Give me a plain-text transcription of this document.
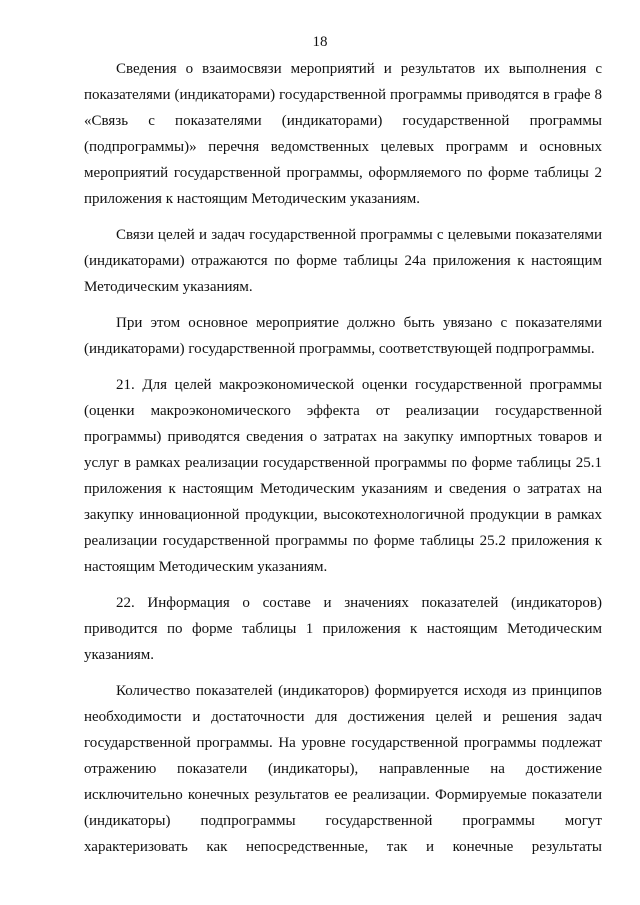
18

Сведения о взаимосвязи мероприятий и результатов их выполнения с показателями (индикаторами) государственной программы приводятся в графе 8 «Связь с показателями (индикаторами) государственной программы (подпрограммы)» перечня ведомственных целевых программ и основных мероприятий государственной программы, оформляемого по форме таблицы 2 приложения к настоящим Методическим указаниям.

Связи целей и задач государственной программы с целевыми показателями (индикаторами) отражаются по форме таблицы 24а приложения к настоящим Методическим указаниям.

При этом основное мероприятие должно быть увязано с показателями (индикаторами) государственной программы, соответствующей подпрограммы.

21. Для целей макроэкономической оценки государственной программы (оценки макроэкономического эффекта от реализации государственной программы) приводятся сведения о затратах на закупку импортных товаров и услуг в рамках реализации государственной программы по форме таблицы 25.1 приложения к настоящим Методическим указаниям и сведения о затратах на закупку инновационной продукции, высокотехнологичной продукции в рамках реализации государственной программы по форме таблицы 25.2 приложения к настоящим Методическим указаниям.

22. Информация о составе и значениях показателей (индикаторов) приводится по форме таблицы 1 приложения к настоящим Методическим указаниям.

Количество показателей (индикаторов) формируется исходя из принципов необходимости и достаточности для достижения целей и решения задач государственной программы. На уровне государственной программы подлежат отражению показатели (индикаторы), направленные на достижение исключительно конечных результатов ее реализации. Формируемые показатели (индикаторы) подпрограммы государственной программы могут характеризовать как непосредственные, так и конечные результаты
